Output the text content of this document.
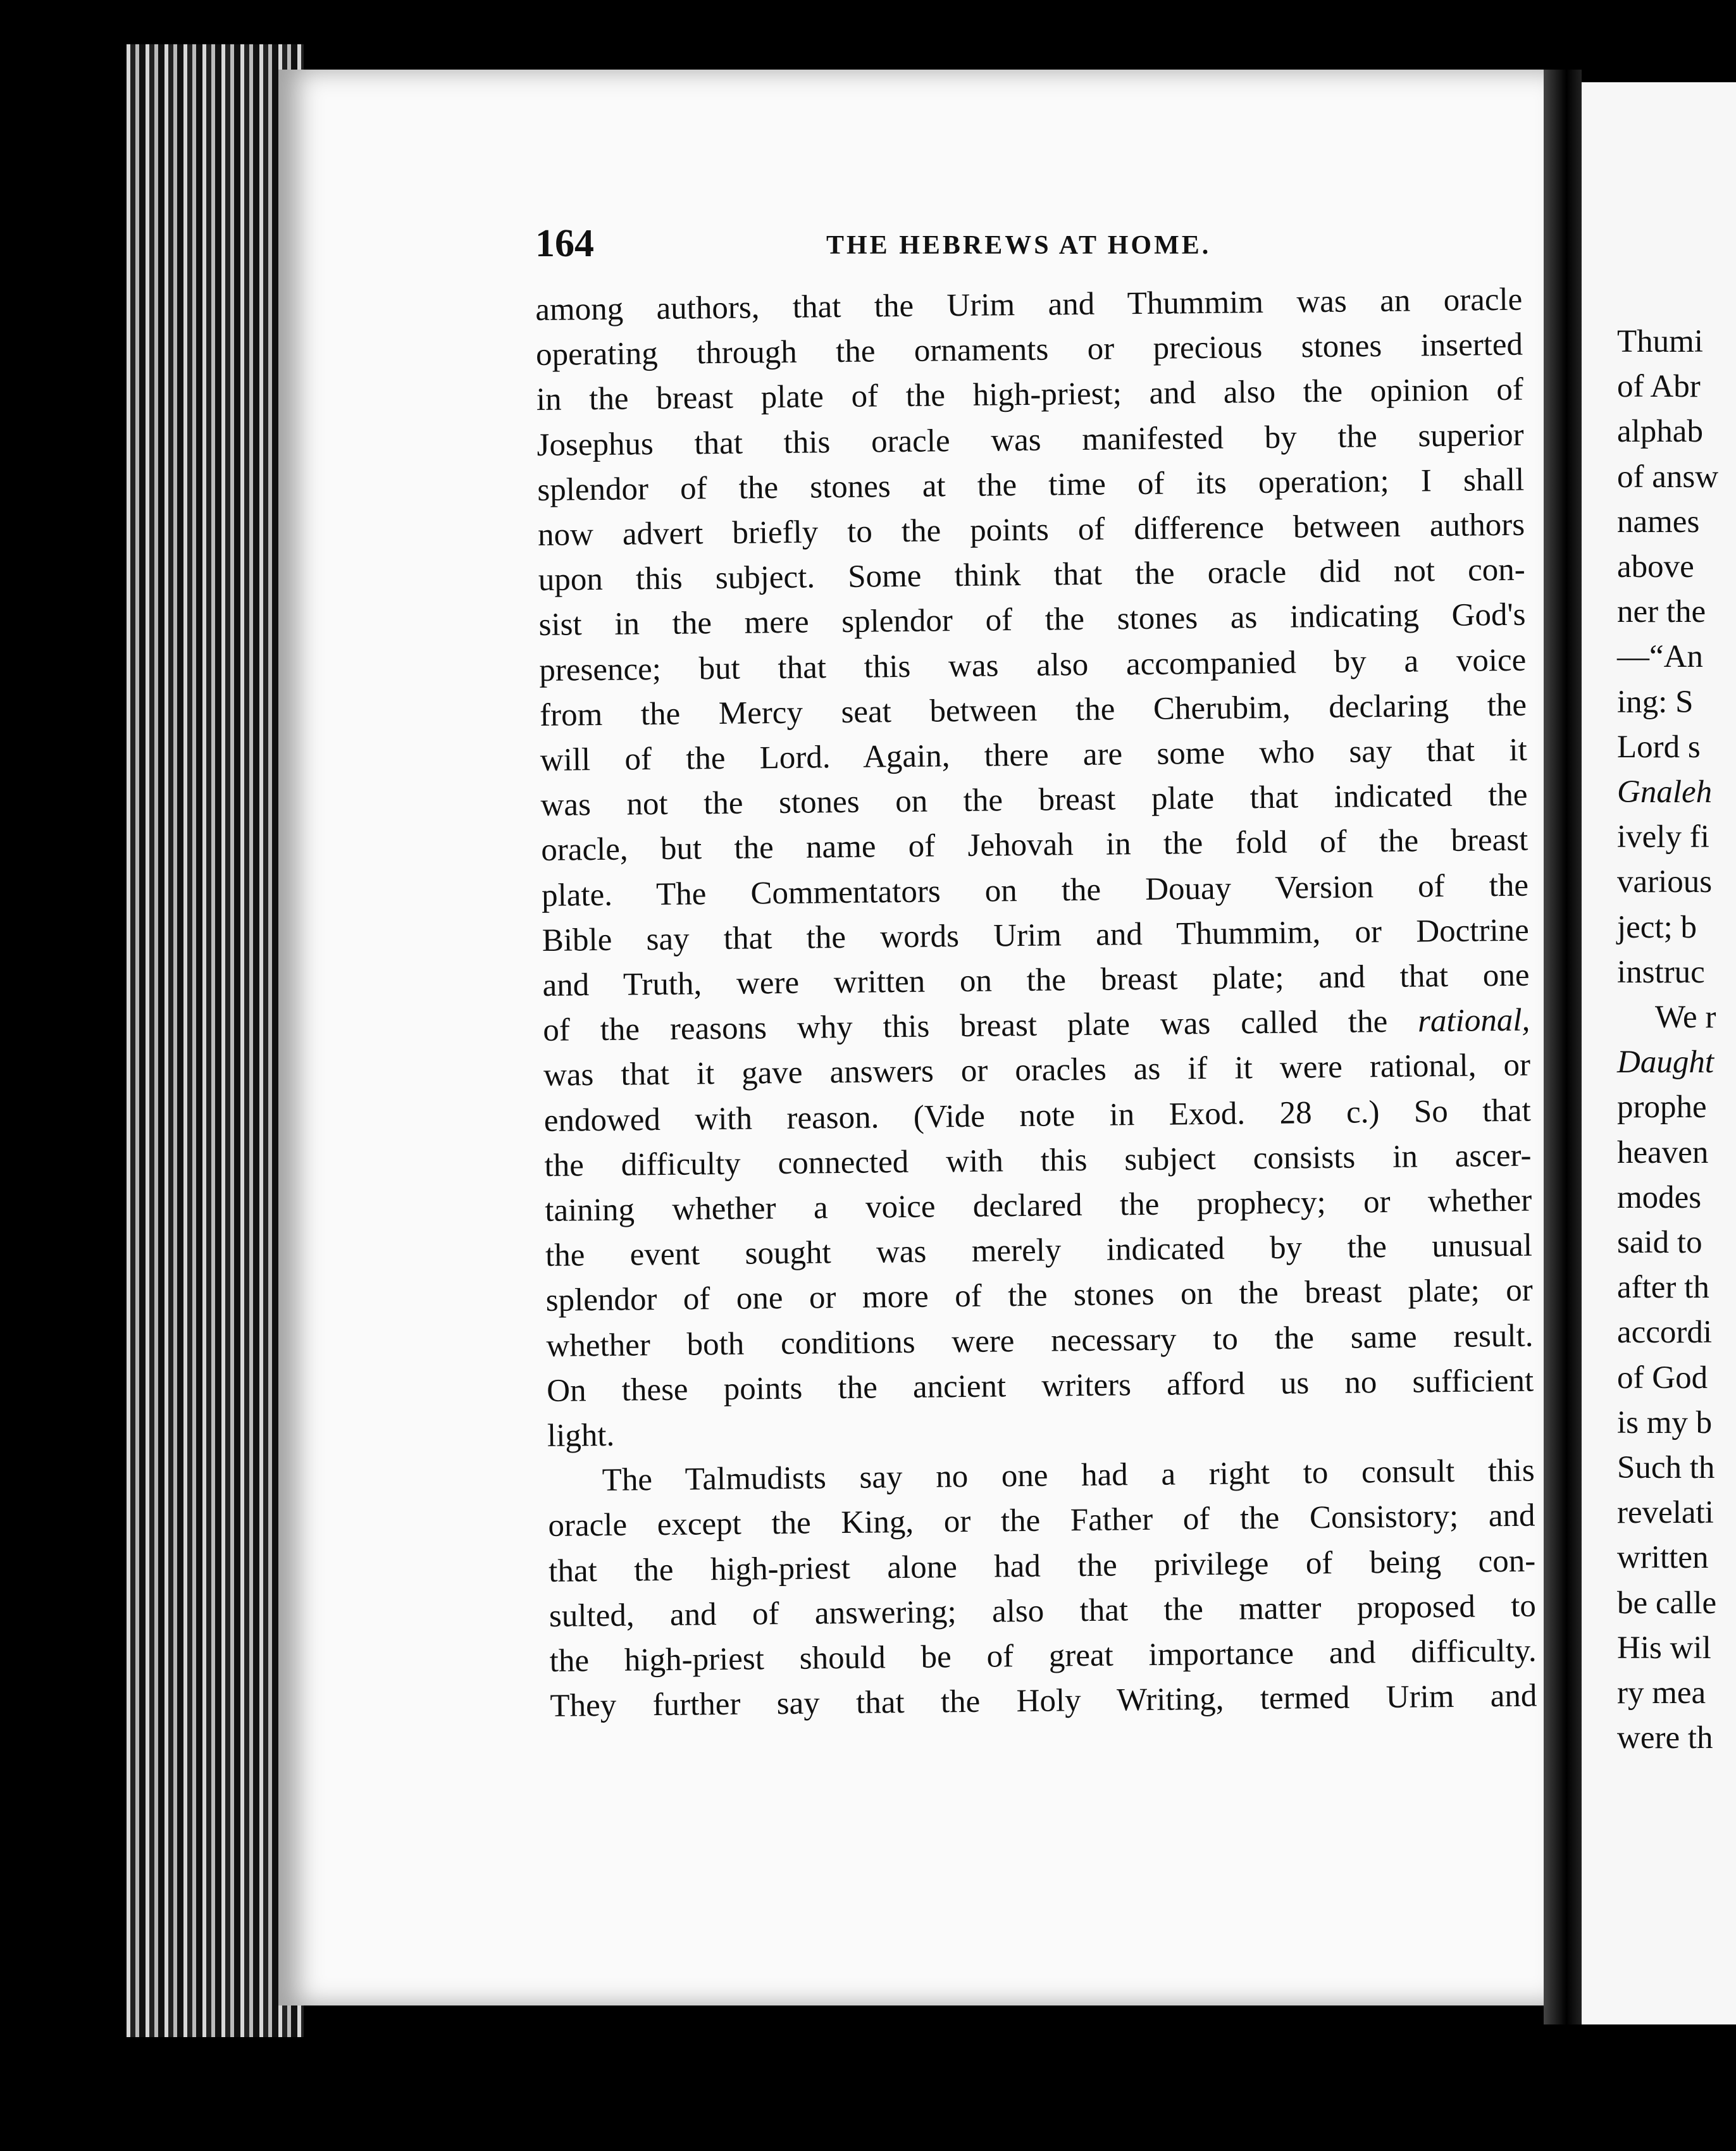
164	THE HEBREWS AT HOME.
among authors, that the Urim and Thummim was an oracle
operating through the ornaments or precious stones inserted
in the breast plate of the high-priest; and also the opinion of
Josephus that this oracle was manifested by the superior
splendor of the stones at the time of its operation; I shall
now advert briefly to the points of difference between authors
upon this subject. Some think that the oracle did not con-
sist in the mere splendor of the stones as indicating God's
presence; but that this was also accompanied by a voice
from the Mercy seat between the Cherubim, declaring the
will of the Lord. Again, there are some who say that it
was not the stones on the breast plate that indicated the
oracle, but the name of Jehovah in the fold of the breast
plate. The Commentators on the Douay Version of the
Bible say that the words Urim and Thummim, or Doctrine
and Truth, were written on the breast plate; and that one
of the reasons why this breast plate was called the rational,
was that it gave answers or oracles as if it were rational, or
endowed with reason. (Vide note in Exod. 28 c.) So that
the difficulty connected with this subject consists in ascer-
taining whether a voice declared the prophecy; or whether
the event sought was merely indicated by the unusual
splendor of one or more of the stones on the breast plate; or
whether both conditions were necessary to the same result.
On these points the ancient writers afford us no sufficient
light.
The Talmudists say no one had a right to consult this
oracle except the King, or the Father of the Consistory; and
that the high-priest alone had the privilege of being con-
sulted, and of answering; also that the matter proposed to
the high-priest should be of great importance and difficulty.
They further say that the Holy Writing, termed Urim and
Thumi
of Abr
alphab
of answ
names
above
ner the
—“An
ing: S
Lord s
Gnaleh
ively fi
various
ject; b
instruc
We r
Daught
prophe
heaven
modes
said to
after th
accordi
of God
is my b
Such th
revelati
written
be calle
His wil
ry mea
were th
